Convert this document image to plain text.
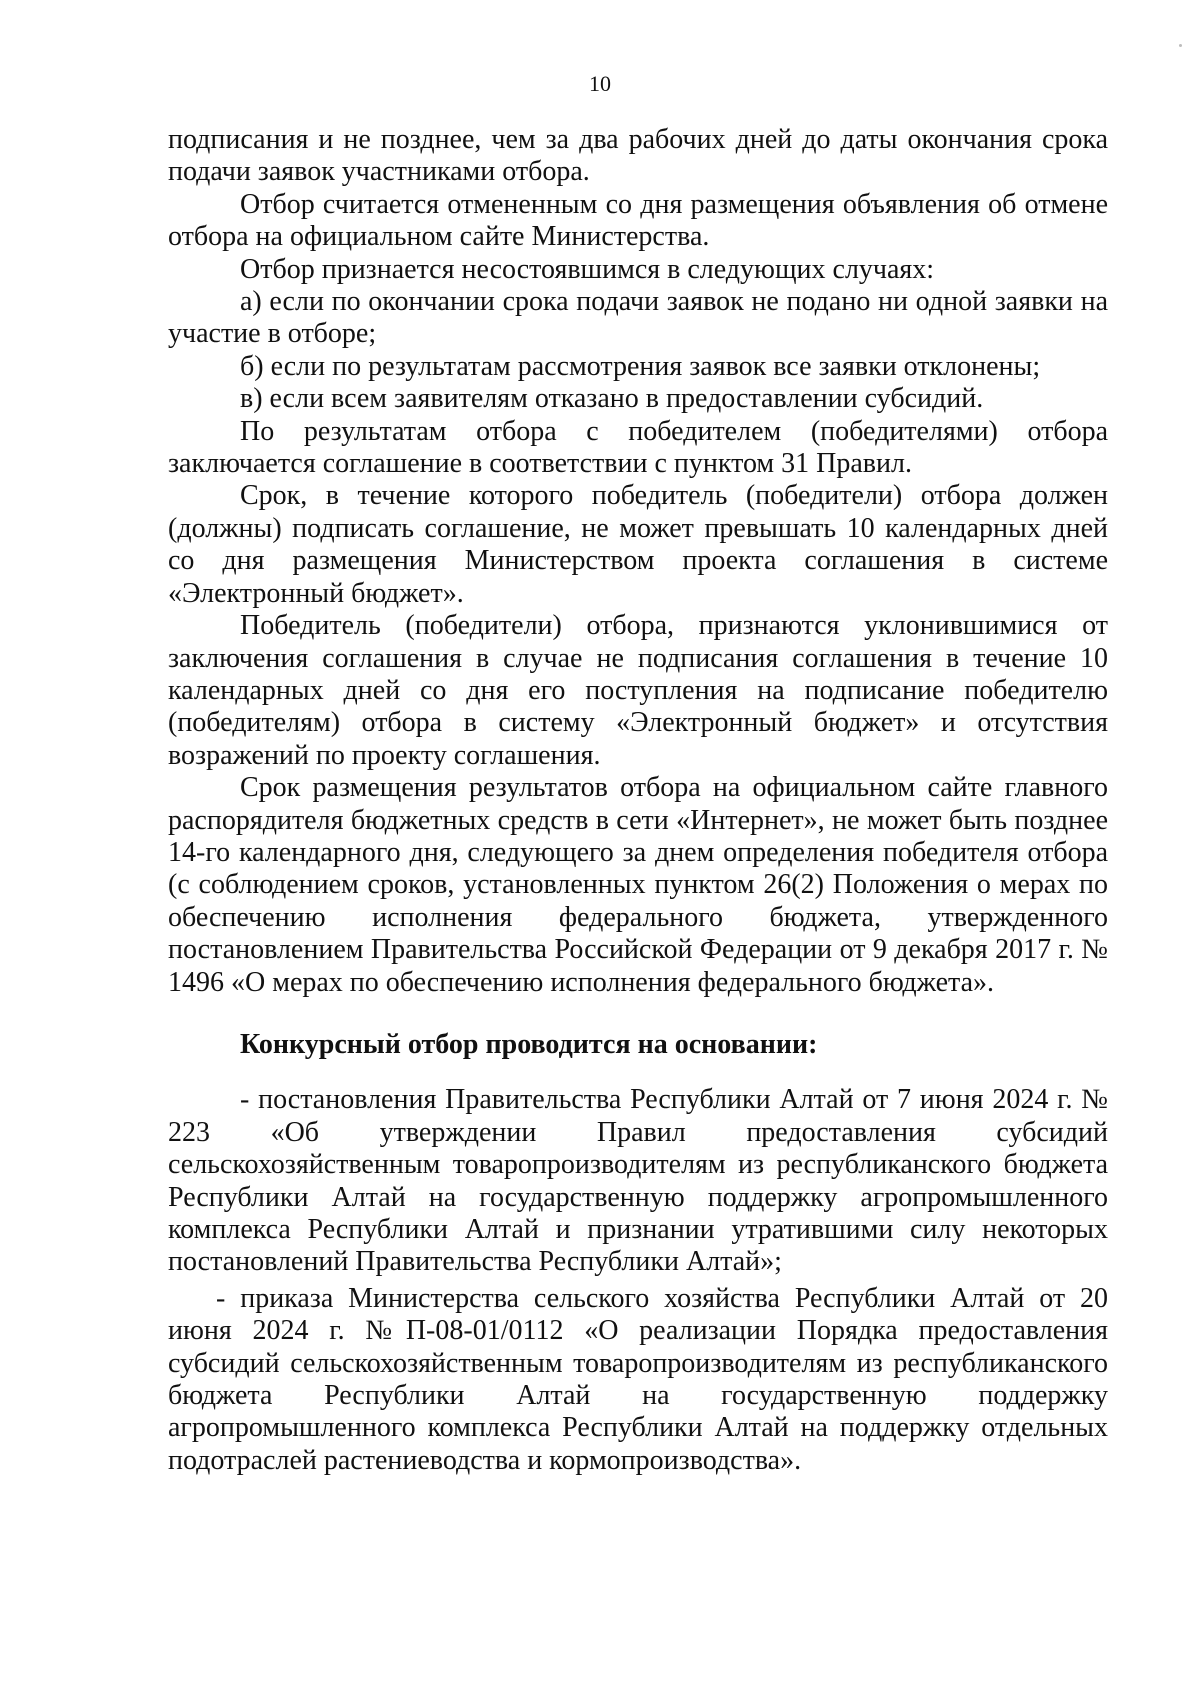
10

подписания и не позднее, чем за два рабочих дней до даты окончания срока подачи заявок участниками отбора.

Отбор считается отмененным со дня размещения объявления об отмене отбора на официальном сайте Министерства.

Отбор признается несостоявшимся в следующих случаях:

а) если по окончании срока подачи заявок не подано ни одной заявки на участие в отборе;

б) если по результатам рассмотрения заявок все заявки отклонены;

в) если всем заявителям отказано в предоставлении субсидий.

По результатам отбора с победителем (победителями) отбора заключается соглашение в соответствии с пунктом 31 Правил.

Срок, в течение которого победитель (победители) отбора должен (должны) подписать соглашение, не может превышать 10 календарных дней со дня размещения Министерством проекта соглашения в системе «Электронный бюджет».

Победитель (победители) отбора, признаются уклонившимися от заключения соглашения в случае не подписания соглашения в течение 10 календарных дней со дня его поступления на подписание победителю (победителям) отбора в систему «Электронный бюджет» и отсутствия возражений по проекту соглашения.

Срок размещения результатов отбора на официальном сайте главного распорядителя бюджетных средств в сети «Интернет», не может быть позднее 14-го календарного дня, следующего за днем определения победителя отбора (с соблюдением сроков, установленных пунктом 26(2) Положения о мерах по обеспечению исполнения федерального бюджета, утвержденного постановлением Правительства Российской Федерации от 9 декабря 2017 г. № 1496 «О мерах по обеспечению исполнения федерального бюджета».

Конкурсный отбор проводится на основании:

- постановления Правительства Республики Алтай от 7 июня 2024 г. № 223 «Об утверждении Правил предоставления субсидий сельскохозяйственным товаропроизводителям из республиканского бюджета Республики Алтай на государственную поддержку агропромышленного комплекса Республики Алтай и признании утратившими силу некоторых постановлений Правительства Республики Алтай»;

- приказа Министерства сельского хозяйства Республики Алтай от 20 июня 2024 г. №П-08-01/0112 «О реализации Порядка предоставления субсидий сельскохозяйственным товаропроизводителям из республиканского бюджета Республики Алтай на государственную поддержку агропромышленного комплекса Республики Алтай на поддержку отдельных подотраслей растениеводства и кормопроизводства».
